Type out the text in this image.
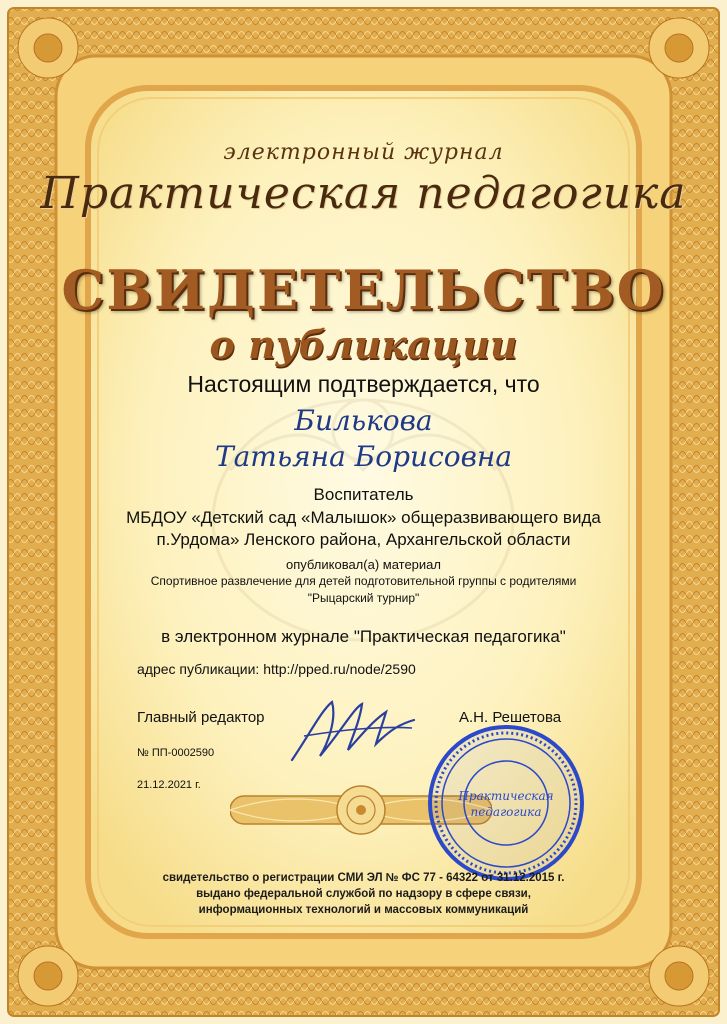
электронный журнал
Практическая педагогика
СВИДЕТЕЛЬСТВО
о публикации
Настоящим подтверждается, что
Билькова
Татьяна Борисовна
Воспитатель
МБДОУ «Детский сад «Малышок» общеразвивающего вида
п.Урдома» Ленского района, Архангельской области
опубликовал(а) материал
Спортивное развлечение для детей подготовительной группы с родителями
"Рыцарский турнир"
в электронном журнале "Практическая педагогика"
адрес публикации: http://pped.ru/node/2590
Главный редактор	А.Н. Решетова
№ ПП-0002590
21.12.2021 г.
Практическая
педагогика
свидетельство о регистрации СМИ ЭЛ № ФС 77 - 64322 от 31.12.2015 г.
выдано федеральной службой по надзору в сфере связи,
информационных технологий и массовых коммуникаций
